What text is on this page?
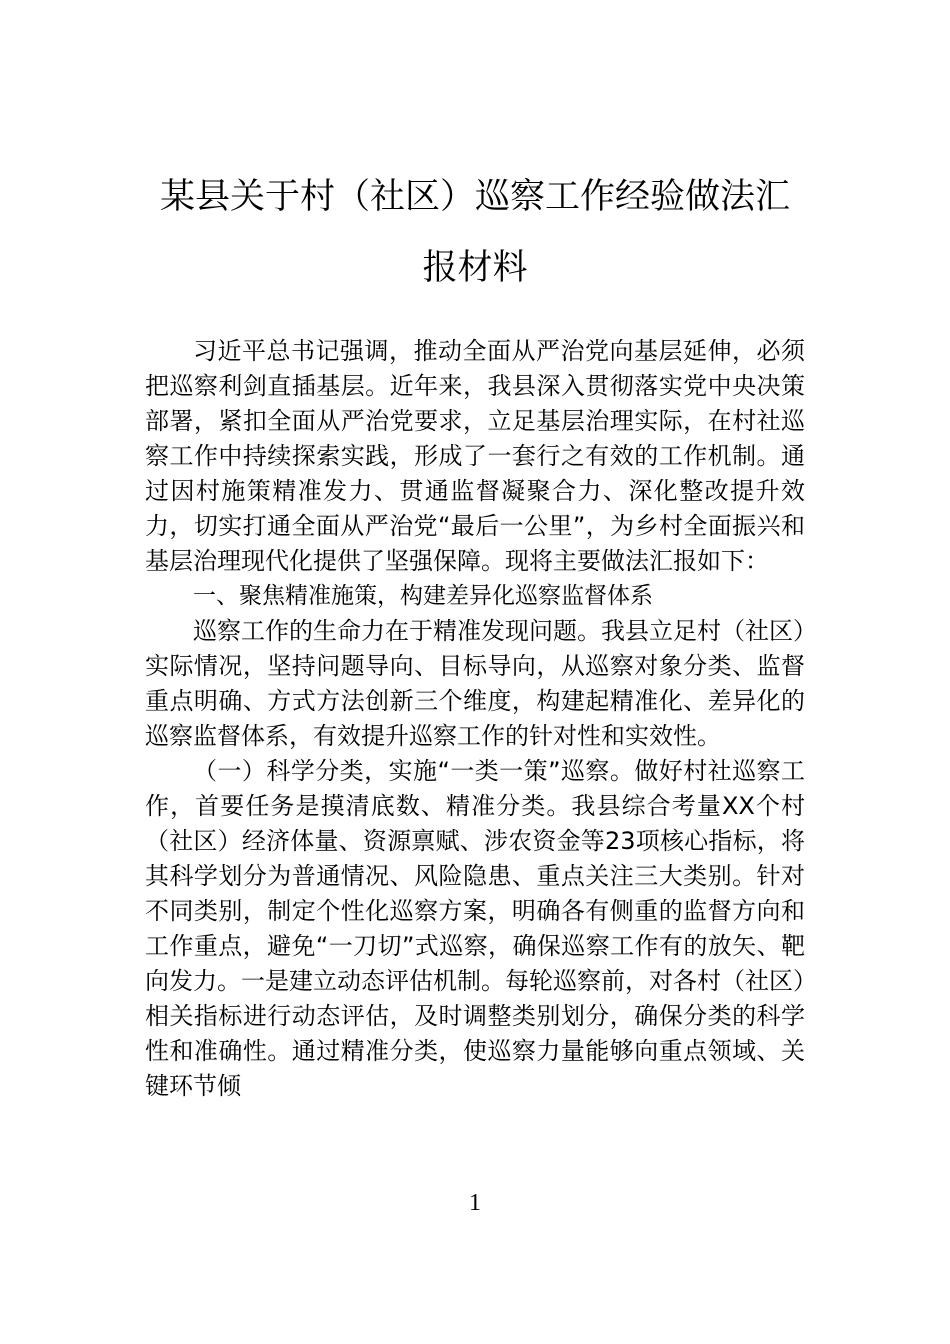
某县关于村（社区）巡察工作经验做法汇
报材料

习近平总书记强调，推动全面从严治党向基层延伸，必须把巡察利剑直插基层。近年来，我县深入贯彻落实党中央决策部署，紧扣全面从严治党要求，立足基层治理实际，在村社巡察工作中持续探索实践，形成了一套行之有效的工作机制。通过因村施策精准发力、贯通监督凝聚合力、深化整改提升效力，切实打通全面从严治党“最后一公里”，为乡村全面振兴和基层治理现代化提供了坚强保障。现将主要做法汇报如下：

一、聚焦精准施策，构建差异化巡察监督体系

巡察工作的生命力在于精准发现问题。我县立足村（社区）实际情况，坚持问题导向、目标导向，从巡察对象分类、监督重点明确、方式方法创新三个维度，构建起精准化、差异化的巡察监督体系，有效提升巡察工作的针对性和实效性。

（一）科学分类，实施“一类一策”巡察。做好村社巡察工作，首要任务是摸清底数、精准分类。我县综合考量XX个村（社区）经济体量、资源禀赋、涉农资金等23项核心指标，将其科学划分为普通情况、风险隐患、重点关注三大类别。针对不同类别，制定个性化巡察方案，明确各有侧重的监督方向和工作重点，避免“一刀切”式巡察，确保巡察工作有的放矢、靶向发力。一是建立动态评估机制。每轮巡察前，对各村（社区）相关指标进行动态评估，及时调整类别划分，确保分类的科学性和准确性。通过精准分类，使巡察力量能够向重点领域、关键环节倾

1
